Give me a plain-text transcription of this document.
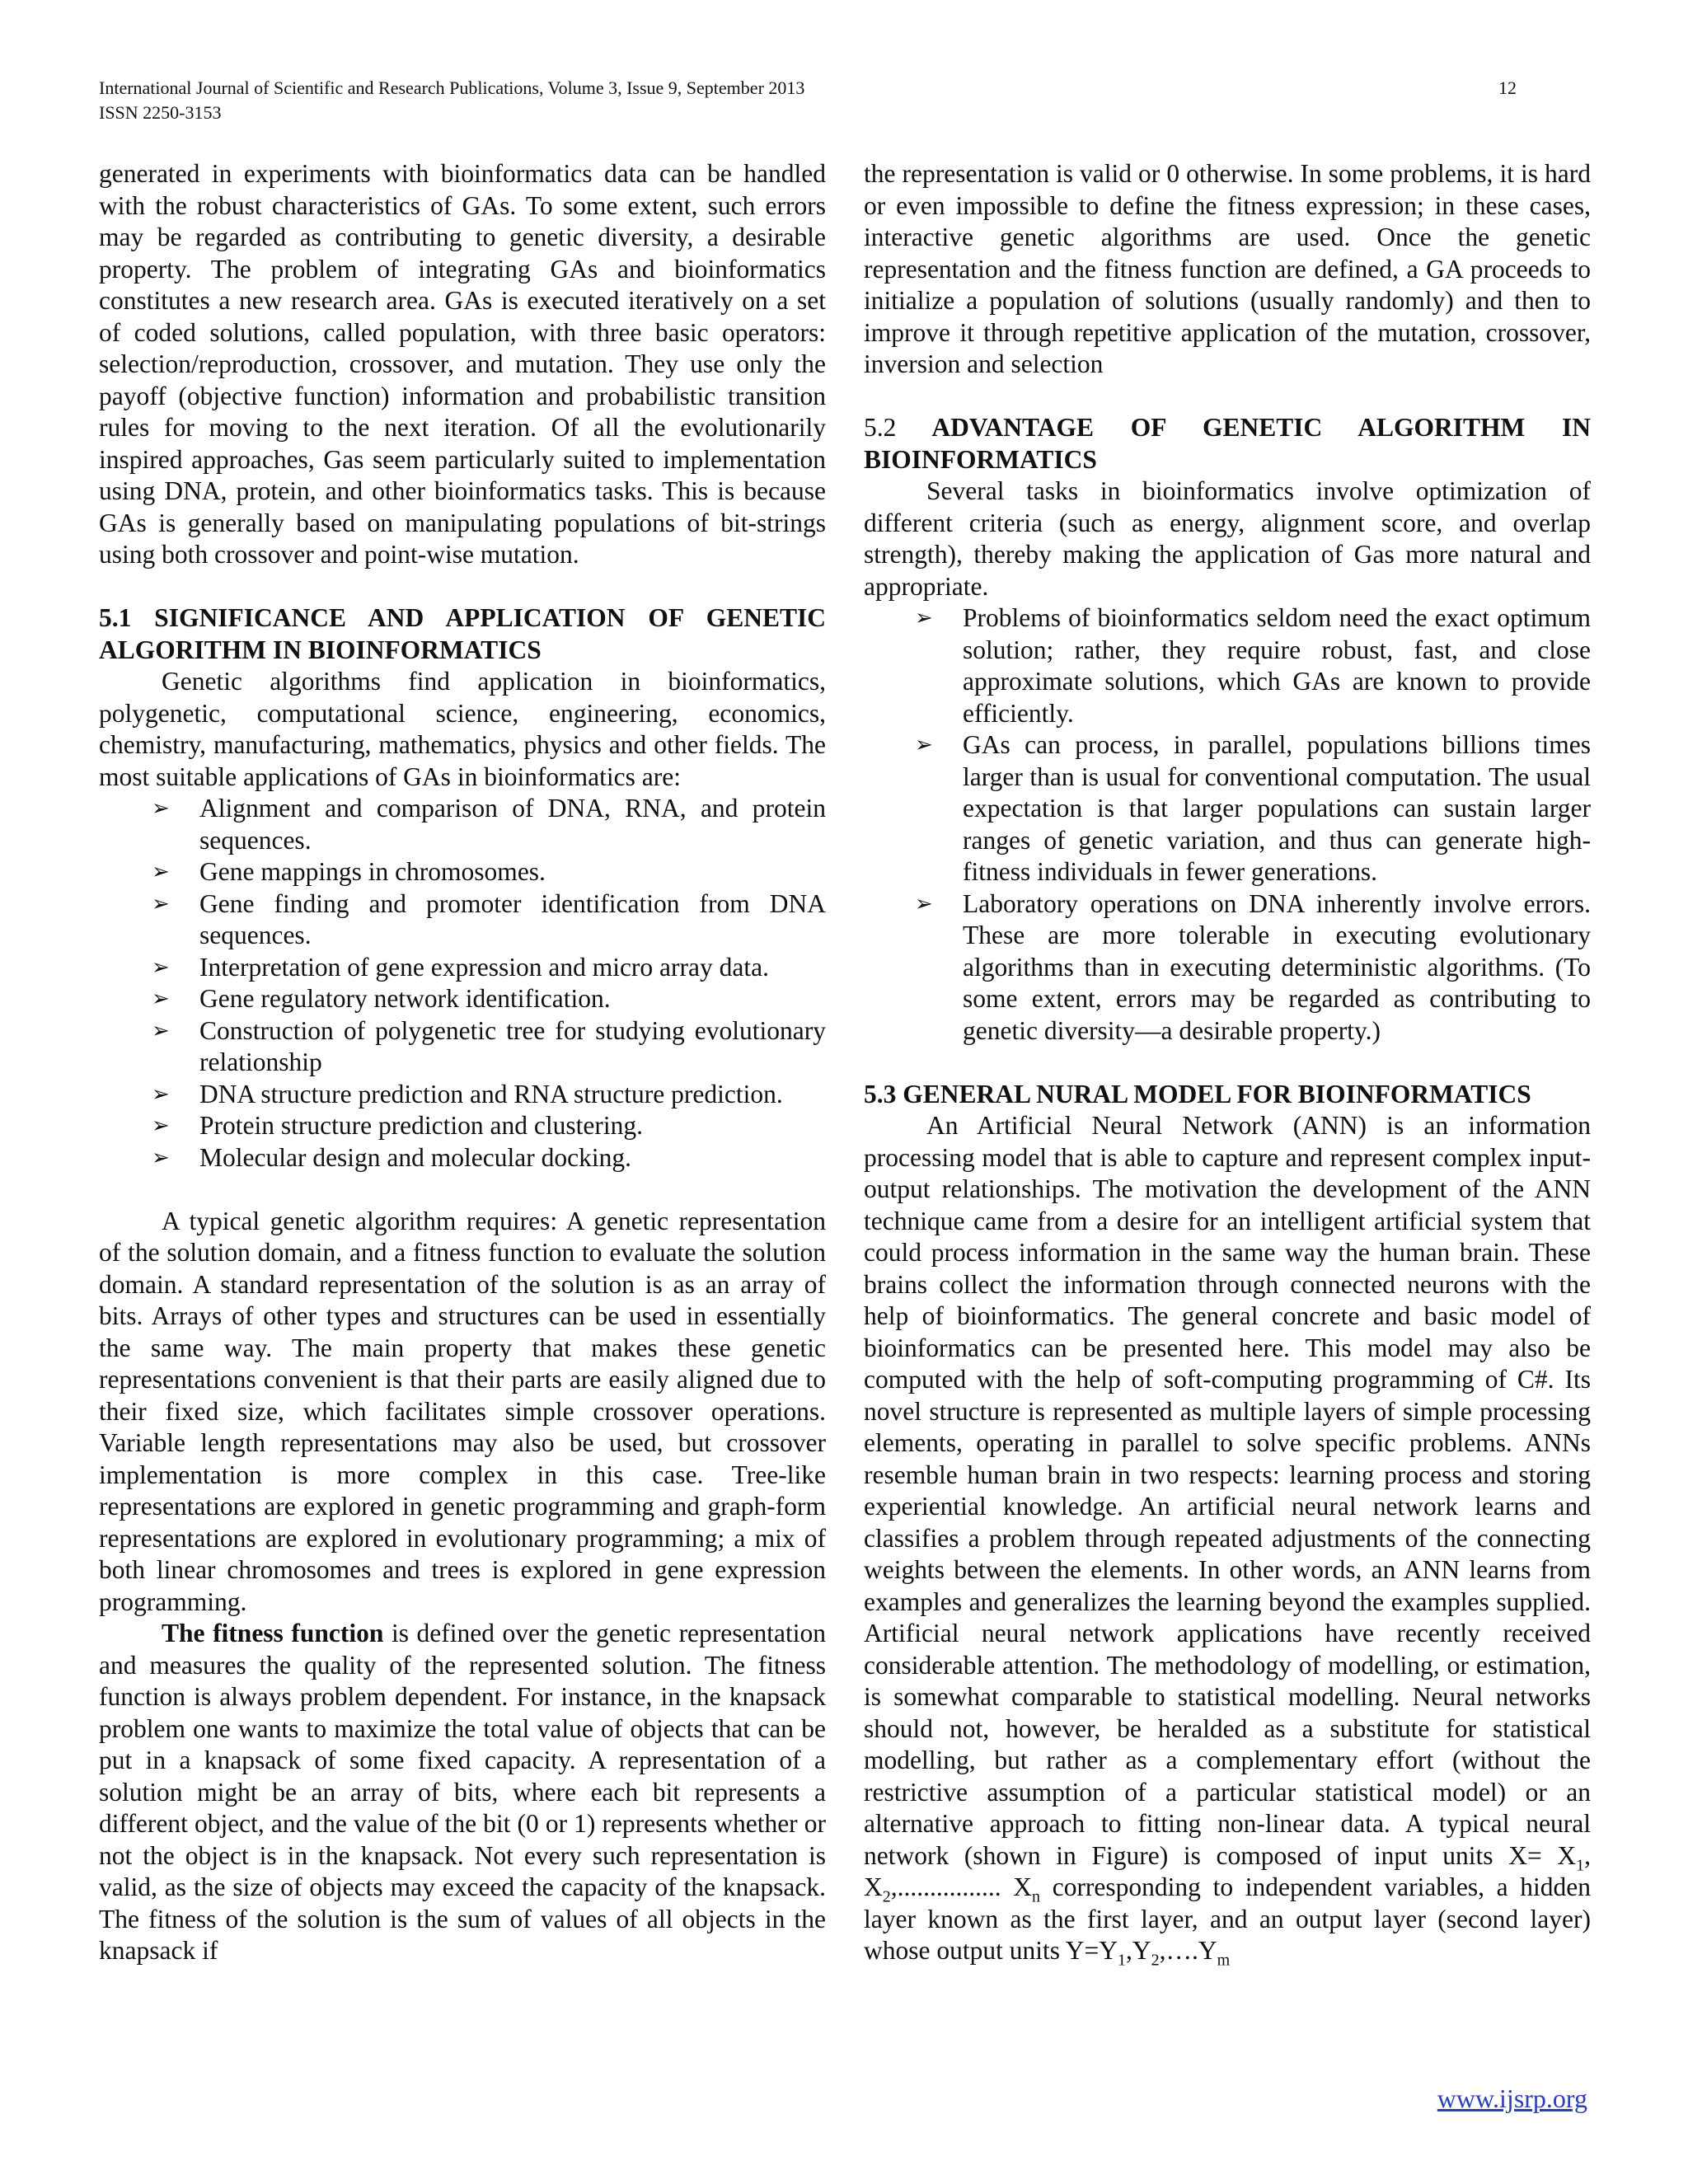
International Journal of Scientific and Research Publications, Volume 3, Issue 9, September 2013
ISSN 2250-3153
12

generated in experiments with bioinformatics data can be handled with the robust characteristics of GAs. To some extent, such errors may be regarded as contributing to genetic diversity, a desirable property. The problem of integrating GAs and bioinformatics constitutes a new research area. GAs is executed iteratively on a set of coded solutions, called population, with three basic operators: selection/reproduction, crossover, and mutation. They use only the payoff (objective function) information and probabilistic transition rules for moving to the next iteration. Of all the evolutionarily inspired approaches, Gas seem particularly suited to implementation using DNA, protein, and other bioinformatics tasks. This is because GAs is generally based on manipulating populations of bit-strings using both crossover and point-wise mutation.

5.1 SIGNIFICANCE AND APPLICATION OF GENETIC ALGORITHM IN BIOINFORMATICS

Genetic algorithms find application in bioinformatics, polygenetic, computational science, engineering, economics, chemistry, manufacturing, mathematics, physics and other fields. The most suitable applications of GAs in bioinformatics are:

➢ Alignment and comparison of DNA, RNA, and protein sequences.
➢ Gene mappings in chromosomes.
➢ Gene finding and promoter identification from DNA sequences.
➢ Interpretation of gene expression and micro array data.
➢ Gene regulatory network identification.
➢ Construction of polygenetic tree for studying evolutionary relationship
➢ DNA structure prediction and RNA structure prediction.
➢ Protein structure prediction and clustering.
➢ Molecular design and molecular docking.

A typical genetic algorithm requires: A genetic representation of the solution domain, and a fitness function to evaluate the solution domain. A standard representation of the solution is as an array of bits. Arrays of other types and structures can be used in essentially the same way. The main property that makes these genetic representations convenient is that their parts are easily aligned due to their fixed size, which facilitates simple crossover operations. Variable length representations may also be used, but crossover implementation is more complex in this case. Tree-like representations are explored in genetic programming and graph-form representations are explored in evolutionary programming; a mix of both linear chromosomes and trees is explored in gene expression programming.

The fitness function is defined over the genetic representation and measures the quality of the represented solution. The fitness function is always problem dependent. For instance, in the knapsack problem one wants to maximize the total value of objects that can be put in a knapsack of some fixed capacity. A representation of a solution might be an array of bits, where each bit represents a different object, and the value of the bit (0 or 1) represents whether or not the object is in the knapsack. Not every such representation is valid, as the size of objects may exceed the capacity of the knapsack. The fitness of the solution is the sum of values of all objects in the knapsack if

the representation is valid or 0 otherwise. In some problems, it is hard or even impossible to define the fitness expression; in these cases, interactive genetic algorithms are used. Once the genetic representation and the fitness function are defined, a GA proceeds to initialize a population of solutions (usually randomly) and then to improve it through repetitive application of the mutation, crossover, inversion and selection

5.2 ADVANTAGE OF GENETIC ALGORITHM IN BIOINFORMATICS

Several tasks in bioinformatics involve optimization of different criteria (such as energy, alignment score, and overlap strength), thereby making the application of Gas more natural and appropriate.

➢ Problems of bioinformatics seldom need the exact optimum solution; rather, they require robust, fast, and close approximate solutions, which GAs are known to provide efficiently.
➢ GAs can process, in parallel, populations billions times larger than is usual for conventional computation. The usual expectation is that larger populations can sustain larger ranges of genetic variation, and thus can generate high-fitness individuals in fewer generations.
➢ Laboratory operations on DNA inherently involve errors. These are more tolerable in executing evolutionary algorithms than in executing deterministic algorithms. (To some extent, errors may be regarded as contributing to genetic diversity—a desirable property.)

5.3 GENERAL NURAL MODEL FOR BIOINFORMATICS

An Artificial Neural Network (ANN) is an information processing model that is able to capture and represent complex input-output relationships. The motivation the development of the ANN technique came from a desire for an intelligent artificial system that could process information in the same way the human brain. These brains collect the information through connected neurons with the help of bioinformatics. The general concrete and basic model of bioinformatics can be presented here. This model may also be computed with the help of soft-computing programming of C#. Its novel structure is represented as multiple layers of simple processing elements, operating in parallel to solve specific problems. ANNs resemble human brain in two respects: learning process and storing experiential knowledge. An artificial neural network learns and classifies a problem through repeated adjustments of the connecting weights between the elements. In other words, an ANN learns from examples and generalizes the learning beyond the examples supplied. Artificial neural network applications have recently received considerable attention. The methodology of modelling, or estimation, is somewhat comparable to statistical modelling. Neural networks should not, however, be heralded as a substitute for statistical modelling, but rather as a complementary effort (without the restrictive assumption of a particular statistical model) or an alternative approach to fitting non-linear data. A typical neural network (shown in Figure) is composed of input units $X= X_1$, $X_2$,................ $X_n$ corresponding to independent variables, a hidden layer known as the first layer, and an output layer (second layer) whose output units $Y=Y_1,Y_2,\dots.Y_m$

www.ijsrp.org
